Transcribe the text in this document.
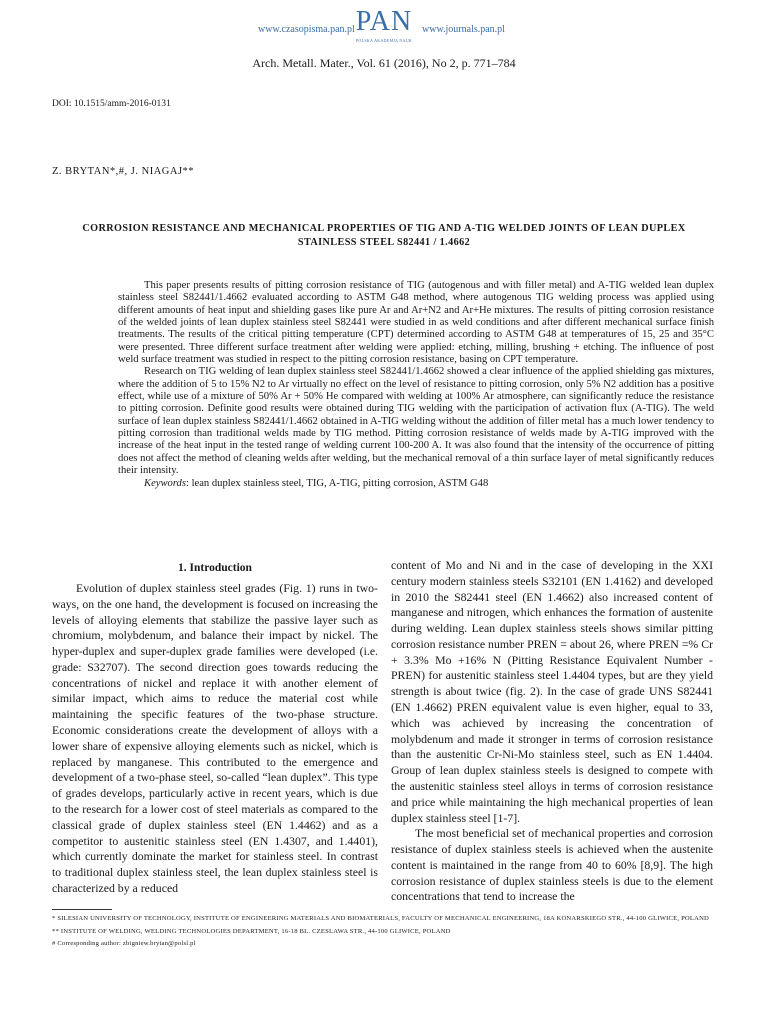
www.czasopisma.pan.pl PAN
POLSKA AKADEMIA NAUK
www.journals.pan.pl
Arch. Metall. Mater., Vol. 61 (2016), No 2, p. 771–784
DOI: 10.1515/amm-2016-0131
Z. BRYTAN*,#, J. NIAGAJ**
CORROSION RESISTANCE AND MECHANICAL PROPERTIES OF TIG AND A-TIG WELDED JOINTS OF LEAN DUPLEX STAINLESS STEEL S82441 / 1.4662

This paper presents results of pitting corrosion resistance of TIG (autogenous and with filler metal) and A-TIG welded lean duplex stainless steel S82441/1.4662 evaluated according to ASTM G48 method, where autogenous TIG welding process was applied using different amounts of heat input and shielding gases like pure Ar and Ar+N2 and Ar+He mixtures. The results of pitting corrosion resistance of the welded joints of lean duplex stainless steel S82441 were studied in as weld conditions and after different mechanical surface finish treatments. The results of the critical pitting temperature (CPT) determined according to ASTM G48 at temperatures of 15, 25 and 35°C were presented. Three different surface treatment after welding were applied: etching, milling, brushing + etching. The influence of post weld surface treatment was studied in respect to the pitting corrosion resistance, basing on CPT temperature.

Research on TIG welding of lean duplex stainless steel S82441/1.4662 showed a clear influence of the applied shielding gas mixtures, where the addition of 5 to 15% N2 to Ar virtually no effect on the level of resistance to pitting corrosion, only 5% N2 addition has a positive effect, while use of a mixture of 50% Ar + 50% He compared with welding at 100% Ar atmosphere, can significantly reduce the resistance to pitting corrosion. Definite good results were obtained during TIG welding with the participation of activation flux (A-TIG). The weld surface of lean duplex stainless S82441/1.4662 obtained in A-TIG welding without the addition of filler metal has a much lower tendency to pitting corrosion than traditional welds made by TIG method. Pitting corrosion resistance of welds made by A-TIG improved with the increase of the heat input in the tested range of welding current 100-200 A. It was also found that the intensity of the occurrence of pitting does not affect the method of cleaning welds after welding, but the mechanical removal of a thin surface layer of metal significantly reduces their intensity.

Keywords: lean duplex stainless steel, TIG, A-TIG, pitting corrosion, ASTM G48

1. Introduction

Evolution of duplex stainless steel grades (Fig. 1) runs in two-ways, on the one hand, the development is focused on increasing the levels of alloying elements that stabilize the passive layer such as chromium, molybdenum, and balance their impact by nickel. The hyper-duplex and super-duplex grade families were developed (i.e. grade: S32707). The second direction goes towards reducing the concentrations of nickel and replace it with another element of similar impact, which aims to reduce the material cost while maintaining the specific features of the two-phase structure. Economic considerations create the development of alloys with a lower share of expensive alloying elements such as nickel, which is replaced by manganese. This contributed to the emergence and development of a two-phase steel, so-called “lean duplex”. This type of grades develops, particularly active in recent years, which is due to the research for a lower cost of steel materials as compared to the classical grade of duplex stainless steel (EN 1.4462) and as a competitor to austenitic stainless steel (EN 1.4307, and 1.4401), which currently dominate the market for stainless steel. In contrast to traditional duplex stainless steel, the lean duplex stainless steel is characterized by a reduced

content of Mo and Ni and in the case of developing in the XXI century modern stainless steels S32101 (EN 1.4162) and developed in 2010 the S82441 steel (EN 1.4662) also increased content of manganese and nitrogen, which enhances the formation of austenite during welding. Lean duplex stainless steels shows similar pitting corrosion resistance number PREN = about 26, where PREN =% Cr + 3.3% Mo +16% N (Pitting Resistance Equivalent Number - PREN) for austenitic stainless steel 1.4404 types, but are they yield strength is about twice (fig. 2). In the case of grade UNS S82441 (EN 1.4662) PREN equivalent value is even higher, equal to 33, which was achieved by increasing the concentration of molybdenum and made it stronger in terms of corrosion resistance than the austenitic Cr-Ni-Mo stainless steel, such as EN 1.4404. Group of lean duplex stainless steels is designed to compete with the austenitic stainless steel alloys in terms of corrosion resistance and price while maintaining the high mechanical properties of lean duplex stainless steel [1-7].

The most beneficial set of mechanical properties and corrosion resistance of duplex stainless steels is achieved when the austenite content is maintained in the range from 40 to 60% [8,9]. The high corrosion resistance of duplex stainless steels is due to the element concentrations that tend to increase the

* SILESIAN UNIVERSITY OF TECHNOLOGY, INSTITUTE OF ENGINEERING MATERIALS AND BIOMATERIALS, FACULTY OF MECHANICAL ENGINEERING, 18A KONARSKIEGO STR., 44-100 GLIWICE, POLAND
** INSTITUTE OF WELDING, WELDING TECHNOLOGIES DEPARTMENT, 16-18 BL. CZESLAWA STR., 44-100 GLIWICE, POLAND
# Corresponding author: zbigniew.brytan@polsl.pl
